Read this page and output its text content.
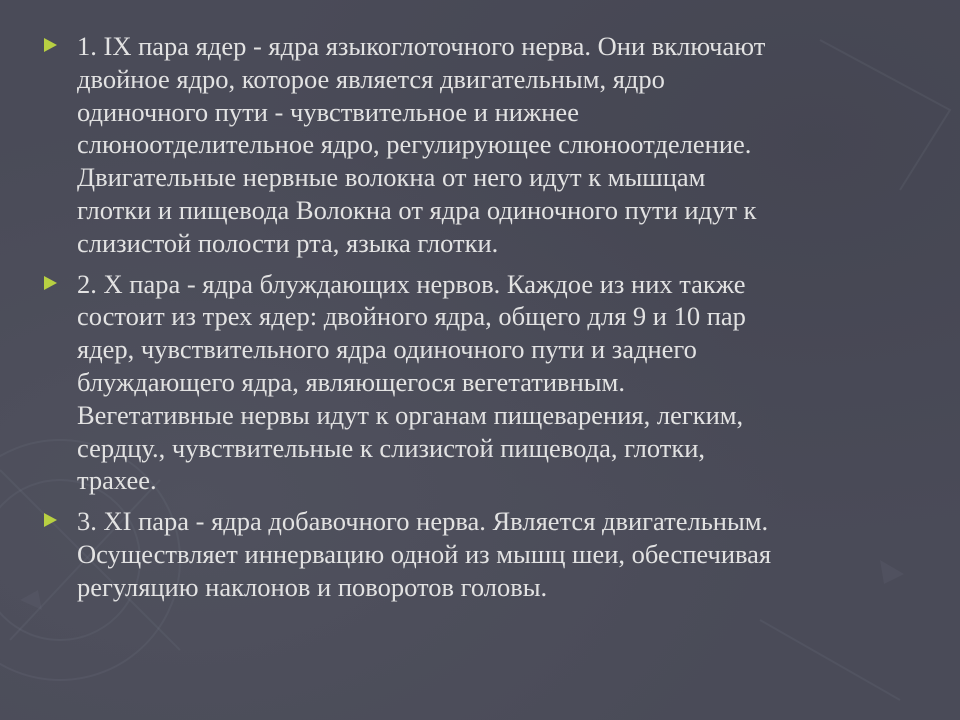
1. IX пара ядер - ядра языкоглоточного нерва. Они включают
двойное ядро, которое является двигательным, ядро
одиночного пути - чувствительное и нижнее
слюноотделительное ядро, регулирующее слюноотделение.
Двигательные нервные волокна от него идут к мышцам
глотки и пищевода Волокна от ядра одиночного пути идут к
слизистой полости рта, языка глотки.

2. X пара - ядра блуждающих нервов. Каждое из них также
состоит из трех ядер: двойного ядра, общего для 9 и 10 пар
ядер, чувствительного ядра одиночного пути и заднего
блуждающего ядра, являющегося вегетативным.
Вегетативные нервы идут к органам пищеварения, легким,
сердцу., чувствительные к слизистой пищевода, глотки,
трахее.

3. XI пара - ядра добавочного нерва. Является двигательным.
Осуществляет иннервацию одной из мышц шеи, обеспечивая
регуляцию наклонов и поворотов головы.
